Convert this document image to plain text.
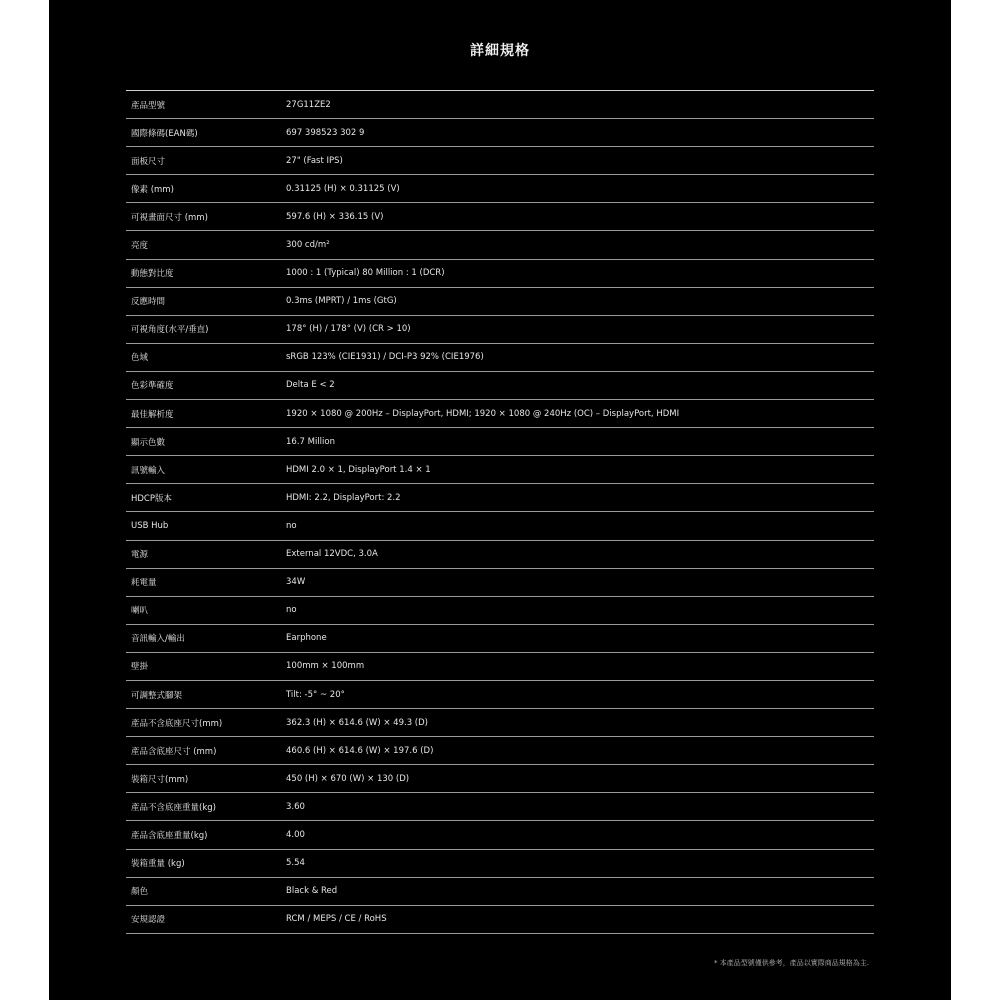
詳細規格
產品型號	27G11ZE2
國際條碼(EAN碼)	697 398523 302 9
面板尺寸	27" (Fast IPS)
像素 (mm)	0.31125 (H) × 0.31125 (V)
可視畫面尺寸 (mm)	597.6 (H) × 336.15 (V)
亮度	300 cd/m²
動態對比度	1000 : 1 (Typical) 80 Million : 1 (DCR)
反應時間	0.3ms (MPRT) / 1ms (GtG)
可視角度(水平/垂直)	178° (H) / 178° (V) (CR > 10)
色域	sRGB 123% (CIE1931) / DCI-P3 92% (CIE1976)
色彩準確度	Delta E < 2
最佳解析度	1920 × 1080 @ 200Hz – DisplayPort, HDMI; 1920 × 1080 @ 240Hz (OC) – DisplayPort, HDMI
顯示色數	16.7 Million
訊號輸入	HDMI 2.0 × 1, DisplayPort 1.4 × 1
HDCP版本	HDMI: 2.2, DisplayPort: 2.2
USB Hub	no
電源	External 12VDC, 3.0A
耗電量	34W
喇叭	no
音訊輸入/輸出	Earphone
壁掛	100mm × 100mm
可調整式腳架	Tilt: -5° ~ 20°
產品不含底座尺寸(mm)	362.3 (H) × 614.6 (W) × 49.3 (D)
產品含底座尺寸 (mm)	460.6 (H) × 614.6 (W) × 197.6 (D)
裝箱尺寸(mm)	450 (H) × 670 (W) × 130 (D)
產品不含底座重量(kg)	3.60
產品含底座重量(kg)	4.00
裝箱重量 (kg)	5.54
顏色	Black & Red
安規認證	RCM / MEPS / CE / RoHS
* 本產品型號僅供參考，產品以實際商品規格為主.
